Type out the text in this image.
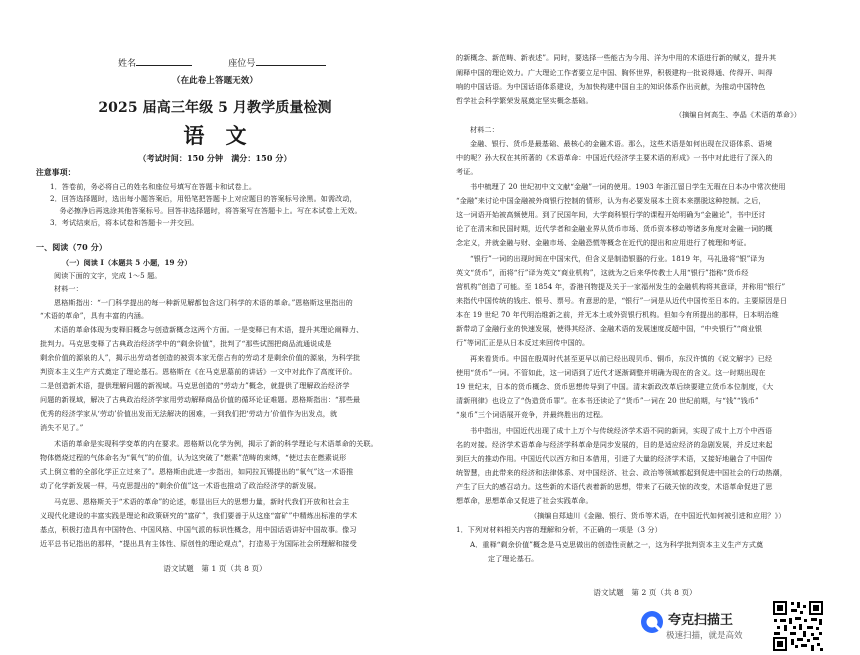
姓名	座位号
（在此卷上答题无效）
2025 届高三年级 5 月教学质量检测
语　文
（考试时间：150 分钟　满分：150 分）
注意事项：
1．答卷前，务必将自己的姓名和座位号填写在答题卡和试卷上。
2．回答选择题时，选出每小题答案后，用铅笔把答题卡上对应题目的答案标号涂黑。如需改动，
　 务必擦净后再选涂其他答案标号。回答非选择题时，将答案写在答题卡上。写在本试卷上无效。
3．考试结束后，将本试卷和答题卡一并交回。
一、阅读（70 分）
（一）阅读 I（本题共 5 小题，19 分）
阅读下面的文字，完成 1～5 题。
材料一：
恩格斯指出：“一门科学提出的每一种新见解都包含这门科学的术语的革命。”恩格斯这里指出的
“术语的革命”，具有丰富的内涵。
术语的革命体现为变释旧概念与创造新概念这两个方面。一是变释已有术语，提升其理论阐释力、
批判力。马克思变释了古典政治经济学中的“剩余价值”，批判了“那些试图把商品流通说成是
剩余价值的源泉的人”，揭示出劳动者创造的被资本家无偿占有的劳动才是剩余价值的源泉，为科学批
判资本主义生产方式奠定了理论基石。恩格斯在《在马克思墓前的讲话》一文中对此作了高度评价。
二是创造新术语，提供理解问题的新视域。马克思创造的“劳动力”概念，就提供了理解政治经济学
问题的新视域，解决了古典政治经济学家用劳动解释商品价值的循环论证难题。恩格斯指出：“那些最
优秀的经济学家从‘劳动’价值出发而无法解决的困难，一到我们把‘劳动力’价值作为出发点，就
消失不见了。”
术语的革命是实现科学变革的内在要求。恩格斯以化学为例，揭示了新的科学理论与术语革命的关联。
物体燃烧过程的气体命名为“氧气”的价值，认为这突破了“燃素”范畴的束缚，“使过去在燃素说形
式上倒立着的全部化学正立过来了”。恩格斯由此进一步指出，如同拉瓦锡提出的“氧气”这一术语推
动了化学新发展一样，马克思提出的“剩余价值”这一术语也推动了政治经济学的新发展。
马克思、恩格斯关于“术语的革命”的论述，彰显出巨大的思想力量，新时代我们开放和社会主
义现代化建设的丰富实践是理论和政策研究的“富矿”，我们要善于从这座“富矿”中精炼出标准的学术
基点，积极打造具有中国特色、中国风格、中国气派的标识性概念，用中国话语讲好中国故事。像习
近平总书记指出的那样，“提出具有主体性、原创性的理论观点”，打造易于为国际社会所理解和接受
语文试题　第 1 页（共 8 页）
的新概念、新范畴、新表述”。同时，要选择一些能古为今用、洋为中用的术语进行新的赋义，提升其
阐释中国的理论效力。广大理论工作者要立足中国、胸怀世界，积极建构一批说得通、传得开、叫得
响的中国话语。为中国话语体系建设，为加快构建中国自主的知识体系作出贡献，为推动中国特色
哲学社会科学繁荣发展奠定坚实概念基础。
（摘编自何高生、李晶《术语的革命》）
材料二：
金融、银行、货币是最基础、最核心的金融术语。那么，这些术语是如何出现在汉语体系、语境
中的呢？孙大权在其所著的《术语革命：中国近代经济学主要术语的形成》一书中对此进行了深入的
考证。
书中梳理了 20 世纪初中文文献“金融”一词的使用。1903 年浙江留日学生无瑕在日本办中常次使用
“金融”来讨论中国金融被外商银行控制的情形，认为有必要发展本土资本来摆脱这种控制。之后，
这一词语开始被高频使用。到了民国年间，大学商科银行学的课程开始明确为“金融论”，书中还讨
论了在清末和民国时期，近代学者和金融业界从货币市场、货币资本移动等诸多角度对金融一词的概
念定义，并就金融与财、金融市场、金融恐慌等概念在近代的提出和应用进行了梳理和考证。
“银行”一词的出现时间在中国宋代，但含义是制造银器的行业。1819 年，马礼逊将“银”译为
英文“货币”，而将“行”译为英文“商业机构”，这就为之后来华传教士人用“银行”指称“货币经
营机构”创造了可能。至 1854 年，香港刊物提及关于一家福州发生的金融机构将其意译，并称用“银行”
来指代中国传统的钱庄、银号、票号。有意思的是，“银行”一词是从近代中国传至日本的。主要原因是日
本在 19 世纪 70 年代明治维新之前，并无本土或外资银行机构。但如今有所提出的那样，日本明治维
新带动了金融行业的快速发展，使得其经济、金融术语的发展速度反超中国，“中央银行”“商业银
行”等词汇正是从日本反过来回传中国的。
再来看货币。中国在殷周时代甚至更早以前已经出现贝币、铜币，东汉许慎的《说文解字》已经
使用“货币”一词。不管如此，这一词语到了近代才逐渐调整并明确为现在的含义。这一时期出现在
19 世纪末，日本的货币概念、货币思想传导到了中国。清末新政改革后续要建立货币本位制度，《大
清新刑律》也设立了“伪造货币罪”。在本书还读论了“货币”一词在 20 世纪前期，与“钱”“钱币”
“泉币”三个词语展开竞争，并最终胜出的过程。
书中指出，中国近代出现了成十上万个与传统经济学术语不同的新词，实现了成十上万个中西语
名的对接。经济学术语革命与经济学科革命是同步发展的，目的是适应经济的急剧发展，并反过来起
到巨大的推动作用。中国近代以西方和日本借用，引进了大量的经济学术语，又接好地融合了中国传
统智慧，由此带来的经济和法律体系、对中国经济、社会、政治等领域都起到促进中国社会的行动热潮，
产生了巨大的感召动力。这些新的术语代表着新的思想，带来了石破天惊的改变，术语革命促进了思
想革命，思想革命又促进了社会实践革命。
（摘编自郑迪川《金融、银行、货币等术语，在中国近代如何被引进和应用？》）
1．下列对材料相关内容的理解和分析，不正确的一项是（3 分）
A．重释“剩余价值”概念是马克思做出的创造性贡献之一，这为科学批判资本主义生产方式奠
定了理论基石。
语文试题　第 2 页（共 8 页）
夸克扫描王
极速扫描，就是高效
